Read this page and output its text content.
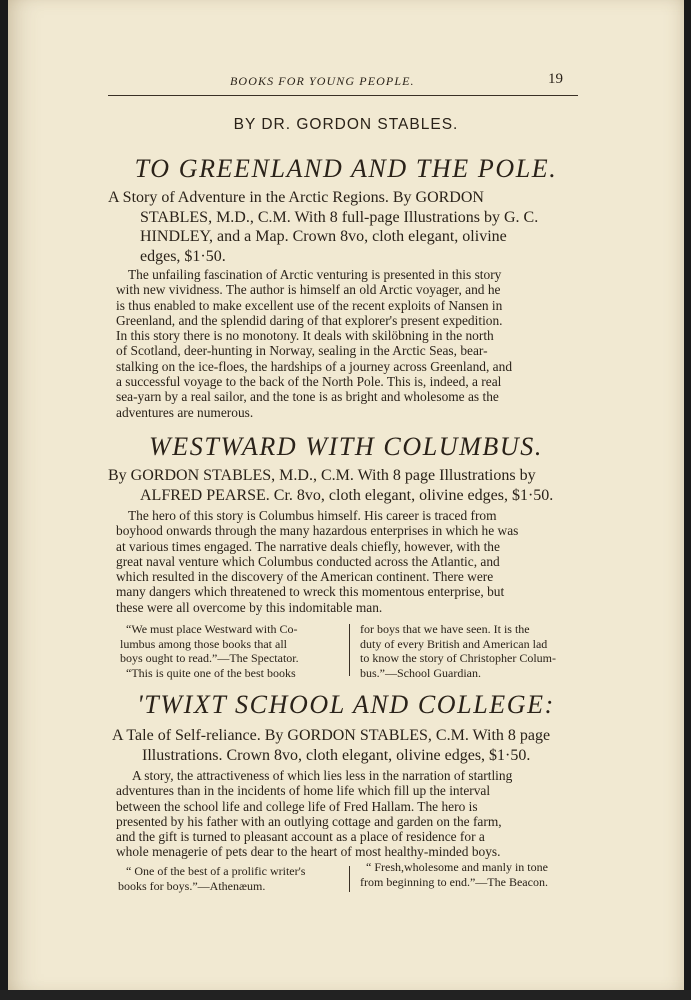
BOOKS FOR YOUNG PEOPLE.	19
BY DR. GORDON STABLES.
TO GREENLAND AND THE POLE.
A Story of Adventure in the Arctic Regions. By GORDON
STABLES, M.D., C.M. With 8 full-page Illustrations by G. C.
HINDLEY, and a Map. Crown 8vo, cloth elegant, olivine
edges, $1·50.
The unfailing fascination of Arctic venturing is presented in this story
with new vividness. The author is himself an old Arctic voyager, and he
is thus enabled to make excellent use of the recent exploits of Nansen in
Greenland, and the splendid daring of that explorer's present expedition.
In this story there is no monotony. It deals with skilöbning in the north
of Scotland, deer-hunting in Norway, sealing in the Arctic Seas, bear-
stalking on the ice-floes, the hardships of a journey across Greenland, and
a successful voyage to the back of the North Pole. This is, indeed, a real
sea-yarn by a real sailor, and the tone is as bright and wholesome as the
adventures are numerous.
WESTWARD WITH COLUMBUS.
By GORDON STABLES, M.D., C.M. With 8 page Illustrations by
ALFRED PEARSE. Cr. 8vo, cloth elegant, olivine edges, $1·50.
The hero of this story is Columbus himself. His career is traced from
boyhood onwards through the many hazardous enterprises in which he was
at various times engaged. The narrative deals chiefly, however, with the
great naval venture which Columbus conducted across the Atlantic, and
which resulted in the discovery of the American continent. There were
many dangers which threatened to wreck this momentous enterprise, but
these were all overcome by this indomitable man.
“We must place Westward with Co-
lumbus among those books that all
boys ought to read.”—The Spectator.
“This is quite one of the best books
for boys that we have seen. It is the
duty of every British and American lad
to know the story of Christopher Colum-
bus.”—School Guardian.
'TWIXT SCHOOL AND COLLEGE:
A Tale of Self-reliance. By GORDON STABLES, C.M. With 8 page
Illustrations. Crown 8vo, cloth elegant, olivine edges, $1·50.
A story, the attractiveness of which lies less in the narration of startling
adventures than in the incidents of home life which fill up the interval
between the school life and college life of Fred Hallam. The hero is
presented by his father with an outlying cottage and garden on the farm,
and the gift is turned to pleasant account as a place of residence for a
whole menagerie of pets dear to the heart of most healthy-minded boys.
“ One of the best of a prolific writer's
books for boys.”—Athenæum.
“ Fresh,wholesome and manly in tone
from beginning to end.”—The Beacon.
